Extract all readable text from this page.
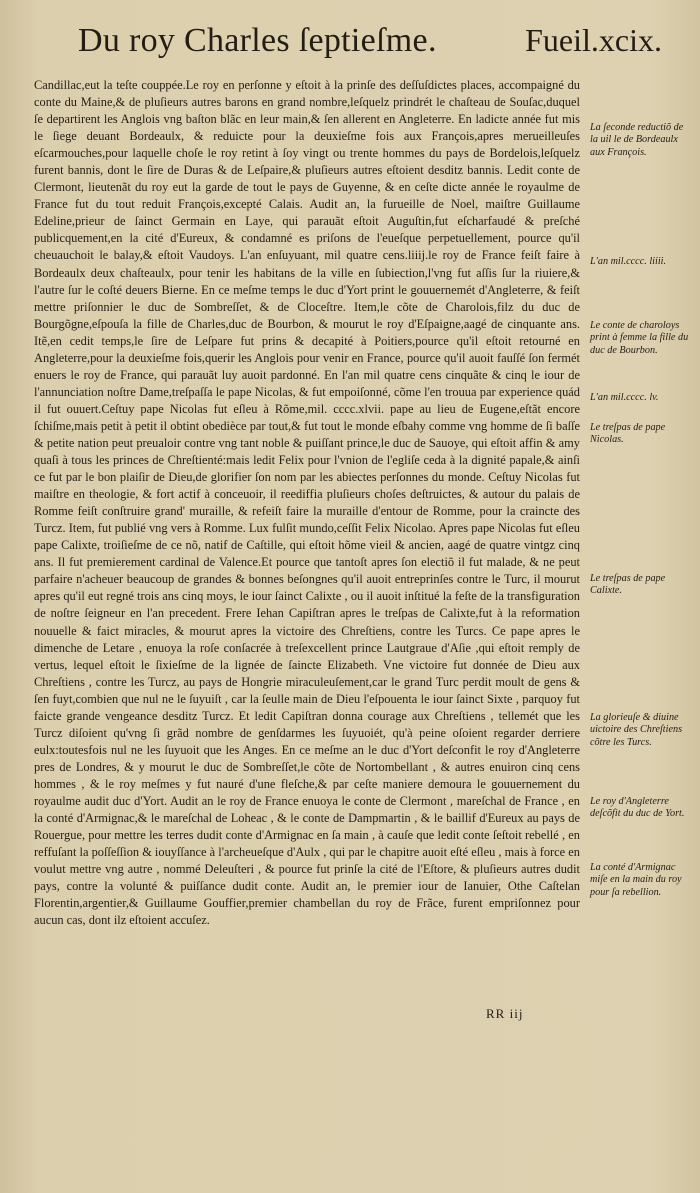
Du roy Charles ſeptieſme.	Fueil.xcix.

Candillac,eut la teſte couppée.Le roy en perſonne y eſtoit à la prinſe des deſſuſdictes places, accompaigné du conte du Maine,& de pluſieurs autres barons en grand nombre,leſquelz prindrét le chaſteau de Souſac,duquel ſe departirent les Anglois vng baſton blãc en leur main,& ſen allerent en Angleterre. En ladicte année fut mis le ſiege deuant Bordeaulx, & reduicte pour la deuxieſme fois aux François,apres merueilleuſes eſcarmouches,pour laquelle choſe le roy retint à ſoy vingt ou trente hommes du pays de Bordelois,leſquelz furent bannis, dont le ſire de Duras & de Leſpaire,& pluſieurs autres eſtoient desditz bannis. Ledit conte de Clermont, lieutenãt du roy eut la garde de tout le pays de Guyenne, & en ceſte dicte année le royaulme de France fut du tout reduit François,excepté Calais. Audit an, la furueille de Noel, maiſtre Guillaume Edeline,prieur de ſainct Germain en Laye, qui parauãt eſtoit Auguſtin,fut eſcharfaudé & preſché publicquement,en la cité d'Eureux, & condamné es priſons de l'eueſque perpetuellement, pource qu'il cheuauchoit le balay,& eſtoit Vaudoys. L'an enſuyuant, mil quatre cens.liiij.le roy de France feiſt faire à Bordeaulx deux chaſteaulx, pour tenir les habitans de la ville en ſubiection,l'vng fut aſſis ſur la riuiere,& l'autre ſur le coſté deuers Bierne. En ce meſme temps le duc d'Yort print le gouuernemét d'Angleterre, & feiſt mettre priſonnier le duc de Sombreſſet, & de Cloceſtre. Item,le cõte de Charolois,filz du duc de Bourgõgne,eſpouſa la fille de Charles,duc de Bourbon, & mourut le roy d'Eſpaigne,aagé de cinquante ans. Itẽ,en cedit temps,le ſire de Leſpare fut prins & decapité à Poitiers,pource qu'il eſtoit retourné en Angleterre,pour la deuxieſme fois,querir les Anglois pour venir en France, pource qu'il auoit fauſſé ſon fermét enuers le roy de France, qui parauãt luy auoit pardonné. En l'an mil quatre cens cinquãte & cinq le iour de l'annunciation noſtre Dame,treſpaſſa le pape Nicolas, & fut empoiſonné, cõme l'en trouua par experience quád il fut ouuert.Ceſtuy pape Nicolas fut eſleu à Rõme,mil. cccc.xlvii. pape au lieu de Eugene,eſtãt encore ſchiſme,mais petit à petit il obtint obedièce par tout,& fut tout le monde eſbahy comme vng homme de ſi baſſe & petite nation peut preualoir contre vng tant noble & puiſſant prince,le duc de Sauoye, qui eſtoit affin & amy quaſi à tous les princes de Chreſtienté:mais ledit Felix pour l'vnion de l'egliſe ceda à la dignité papale,& ainſi ce fut par le bon plaiſir de Dieu,de glorifier ſon nom par les abiectes perſonnes du monde. Ceſtuy Nicolas fut maiſtre en theologie, & fort actif à conceuoir, il reediffia pluſieurs choſes deſtruictes, & autour du palais de Romme feiſt conſtruire grand' muraille, & refeiſt faire la muraille d'entour de Romme, pour la craincte des Turcz. Item, fut publié vng vers à Romme. Lux fulſit mundo,ceſſit Felix Nicolao. Apres pape Nicolas fut eſleu pape Calixte, troiſieſme de ce nõ, natif de Caſtille, qui eſtoit hõme vieil & ancien, aagé de quatre vintgz cinq ans. Il fut premierement cardinal de Valence.Et pource que tantoſt apres ſon electiõ il fut malade, & ne peut parfaire n'acheuer beaucoup de grandes & bonnes beſongnes qu'il auoit entreprinſes contre le Turc, il mourut apres qu'il eut regné trois ans cinq moys, le iour ſainct Calixte , ou il auoit inſtitué la feſte de la transfiguration de noſtre ſeigneur en l'an precedent. Frere Iehan Capiſtran apres le treſpas de Calixte,fut à la reformation nouuelle & faict miracles, & mourut apres la victoire des Chreſtiens, contre les Turcs. Ce pape apres le dimenche de Letare , enuoya la roſe conſacrée à treſexcellent prince Lautgraue d'Aſie ,qui eſtoit remply de vertus, lequel eſtoit le ſixieſme de la lignée de ſaincte Elizabeth. Vne victoire fut donnée de Dieu aux Chreſtiens , contre les Turcz, au pays de Hongrie miraculeuſement,car le grand Turc perdit moult de gens & ſen fuyt,combien que nul ne le ſuyuiſt , car la ſeulle main de Dieu l'eſpouenta le iour ſainct Sixte , parquoy fut faicte grande vengeance desditz Turcz. Et ledit Capiſtran donna courage aux Chreſtiens , tellemét que les Turcz diſoient qu'vng ſi grãd nombre de genſdarmes les ſuyuoiét, qu'à peine oſoient regarder derriere eulx:toutesfois nul ne les ſuyuoit que les Anges. En ce meſme an le duc d'Yort deſconfit le roy d'Angleterre pres de Londres, & y mourut le duc de Sombreſſet,le cõte de Nortombellant , & autres enuiron cinq cens hommes , & le roy meſmes y fut nauré d'une fleſche,& par ceſte maniere demoura le gouuernement du royaulme audit duc d'Yort. Audit an le roy de France enuoya le conte de Clermont , mareſchal de France , en la conté d'Armignac,& le mareſchal de Loheac , & le conte de Dampmartin , & le baillif d'Eureux au pays de Rouergue, pour mettre les terres dudit conte d'Armignac en ſa main , à cauſe que ledit conte ſeſtoit rebellé , en reffuſant la poſſeſſion & iouyſſance à l'archeueſque d'Aulx , qui par le chapitre auoit eſté eſleu , mais à force en voulut mettre vng autre , nommé Deleuſteri , & pource fut prinſe la cité de l'Eſtore, & pluſieurs autres dudit pays, contre la volunté & puiſſance dudit conte. Audit an, le premier iour de Ianuier, Othe Caſtelan Florentin,argentier,& Guillaume Gouffier,premier chambellan du roy de Frãce, furent empriſonnez pour aucun cas, dont ilz eſtoient accuſez.

La ſeconde reductiõ de la uil le de Bordeaulx aux François.
L'an mil.cccc. liiii.
Le conte de charoloys print à femme la fille du duc de Bourbon.
L'an mil.cccc. lv.
Le treſpas de pape Nicolas.
Le treſpas de pape Calixte.
La glorieuſe & diuine uictoire des Chreſtiens cõtre les Turcs.
Le roy d'Angleterre deſcõfit du duc de Yort.
La conté d'Armignac miſe en la main du roy pour ſa rebellion.
RR iij
